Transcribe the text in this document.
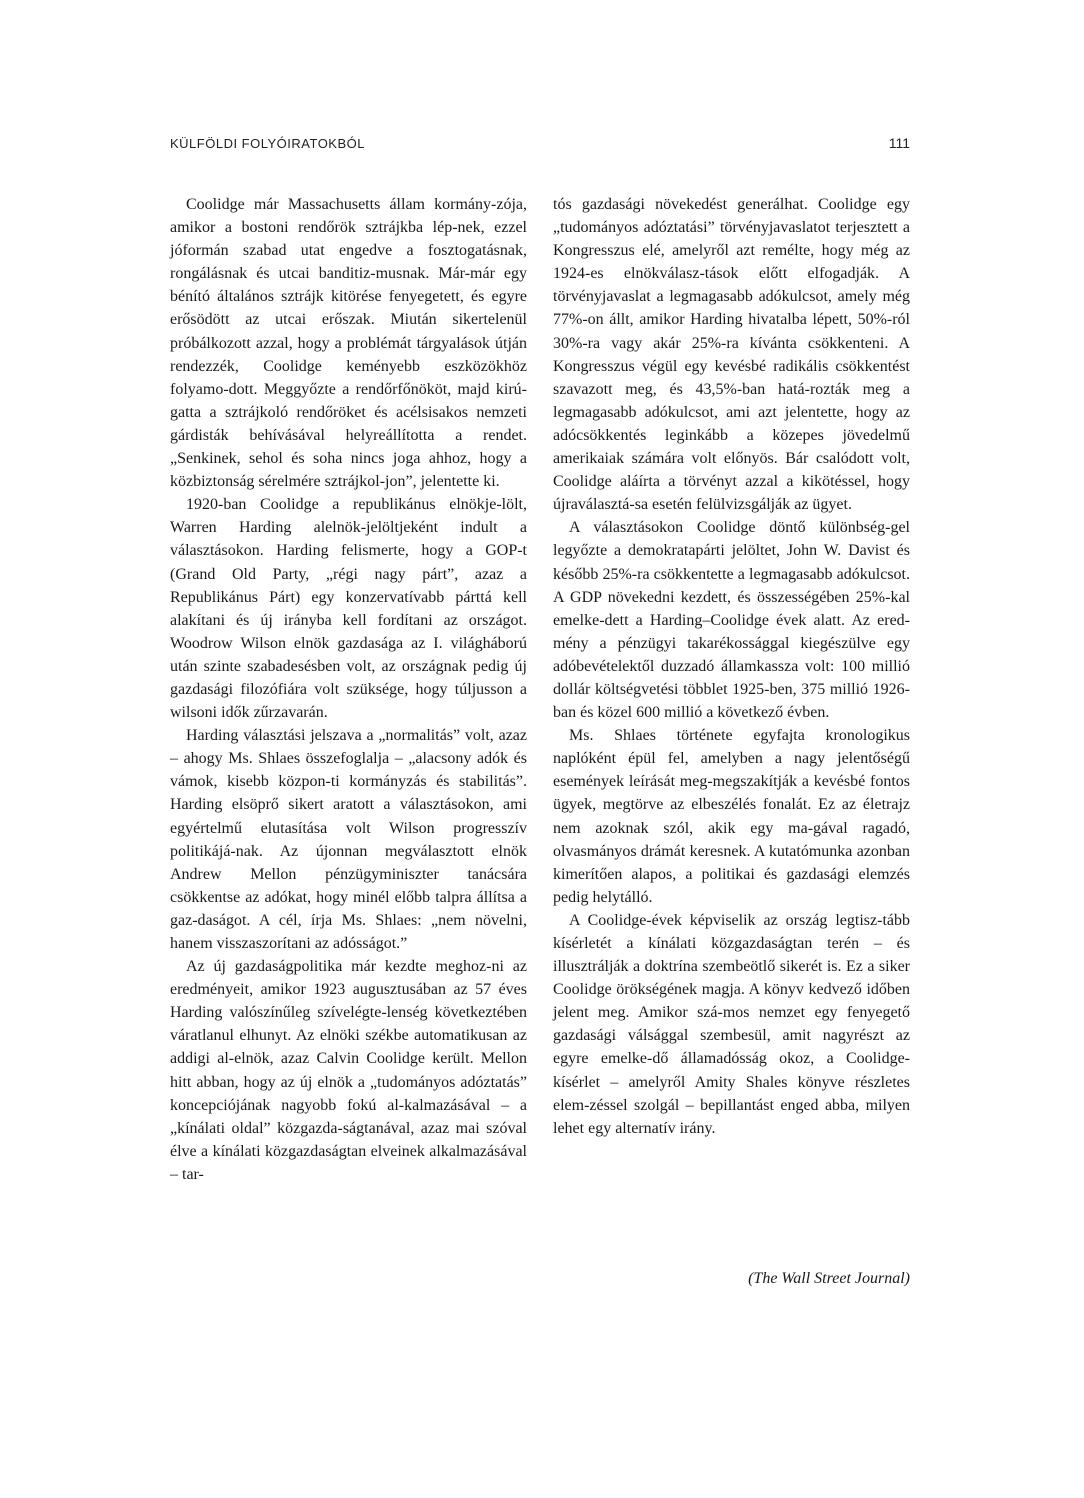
KÜLFÖLDI FOLYÓIRATOKBÓL	111

Coolidge már Massachusetts állam kormány-zója, amikor a bostoni rendőrök sztrájkba lép-nek, ezzel jóformán szabad utat engedve a fosztogatásnak, rongálásnak és utcai banditiz-musnak. Már-már egy bénító általános sztrájk kitörése fenyegetett, és egyre erősödött az utcai erőszak. Miután sikertelenül próbálkozott azzal, hogy a problémát tárgyalások útján rendezzék, Coolidge keményebb eszközökhöz folyamo-dott. Meggyőzte a rendőrfőnököt, majd kirú-gatta a sztrájkoló rendőröket és acélsisakos nemzeti gárdisták behívásával helyreállította a rendet. „Senkinek, sehol és soha nincs joga ahhoz, hogy a közbiztonság sérelmére sztrájkol-jon”, jelentette ki.

1920-ban Coolidge a republikánus elnökje-lölt, Warren Harding alelnök-jelöltjeként indult a választásokon. Harding felismerte, hogy a GOP-t (Grand Old Party, „régi nagy párt”, azaz a Republikánus Párt) egy konzervatívabb párttá kell alakítani és új irányba kell fordítani az országot. Woodrow Wilson elnök gazdasága az I. világháború után szinte szabadesésben volt, az országnak pedig új gazdasági filozófiára volt szüksége, hogy túljusson a wilsoni idők zűrzavarán.

Harding választási jelszava a „normalitás” volt, azaz – ahogy Ms. Shlaes összefoglalja – „alacsony adók és vámok, kisebb közpon-ti kormányzás és stabilitás”. Harding elsöprő sikert aratott a választásokon, ami egyértelmű elutasítása volt Wilson progresszív politikájá-nak. Az újonnan megválasztott elnök Andrew Mellon pénzügyminiszter tanácsára csökkentse az adókat, hogy minél előbb talpra állítsa a gaz-daságot. A cél, írja Ms. Shlaes: „nem növelni, hanem visszaszorítani az adósságot.”

Az új gazdaságpolitika már kezdte meghoz-ni az eredményeit, amikor 1923 augusztusában az 57 éves Harding valószínűleg szívelégte-lenség következtében váratlanul elhunyt. Az elnöki székbe automatikusan az addigi al-elnök, azaz Calvin Coolidge került. Mellon hitt abban, hogy az új elnök a „tudományos adóztatás” koncepciójának nagyobb fokú al-kalmazásával – a „kínálati oldal” közgazda-ságtanával, azaz mai szóval élve a kínálati közgazdaságtan elveinek alkalmazásával – tar-

tós gazdasági növekedést generálhat. Coolidge egy „tudományos adóztatási” törvényjavaslatot terjesztett a Kongresszus elé, amelyről azt remélte, hogy még az 1924-es elnökválasz-tások előtt elfogadják. A törvényjavaslat a legmagasabb adókulcsot, amely még 77%-on állt, amikor Harding hivatalba lépett, 50%-ról 30%-ra vagy akár 25%-ra kívánta csökkenteni. A Kongresszus végül egy kevésbé radikális csökkentést szavazott meg, és 43,5%-ban hatá-rozták meg a legmagasabb adókulcsot, ami azt jelentette, hogy az adócsökkentés leginkább a közepes jövedelmű amerikaiak számára volt előnyös. Bár csalódott volt, Coolidge aláírta a törvényt azzal a kikötéssel, hogy újraválasztá-sa esetén felülvizsgálják az ügyet.

A választásokon Coolidge döntő különbség-gel legyőzte a demokratapárti jelöltet, John W. Davist és később 25%-ra csökkentette a legmagasabb adókulcsot. A GDP növekedni kezdett, és összességében 25%-kal emelke-dett a Harding–Coolidge évek alatt. Az ered-mény a pénzügyi takarékossággal kiegészülve egy adóbevételektől duzzadó államkassza volt: 100 millió dollár költségvetési többlet 1925-ben, 375 millió 1926-ban és közel 600 millió a következő évben.

Ms. Shlaes története egyfajta kronologikus naplóként épül fel, amelyben a nagy jelentőségű események leírását meg-megszakítják a kevésbé fontos ügyek, megtörve az elbeszélés fonalát. Ez az életrajz nem azoknak szól, akik egy ma-gával ragadó, olvasmányos drámát keresnek. A kutatómunka azonban kimerítően alapos, a politikai és gazdasági elemzés pedig helytálló.

A Coolidge-évek képviselik az ország legtisz-tább kísérletét a kínálati közgazdaságtan terén – és illusztrálják a doktrína szembeötlő sikerét is. Ez a siker Coolidge örökségének magja. A könyv kedvező időben jelent meg. Amikor szá-mos nemzet egy fenyegető gazdasági válsággal szembesül, amit nagyrészt az egyre emelke-dő államadósság okoz, a Coolidge-kísérlet – amelyről Amity Shales könyve részletes elem-zéssel szolgál – bepillantást enged abba, milyen lehet egy alternatív irány.

(The Wall Street Journal)
